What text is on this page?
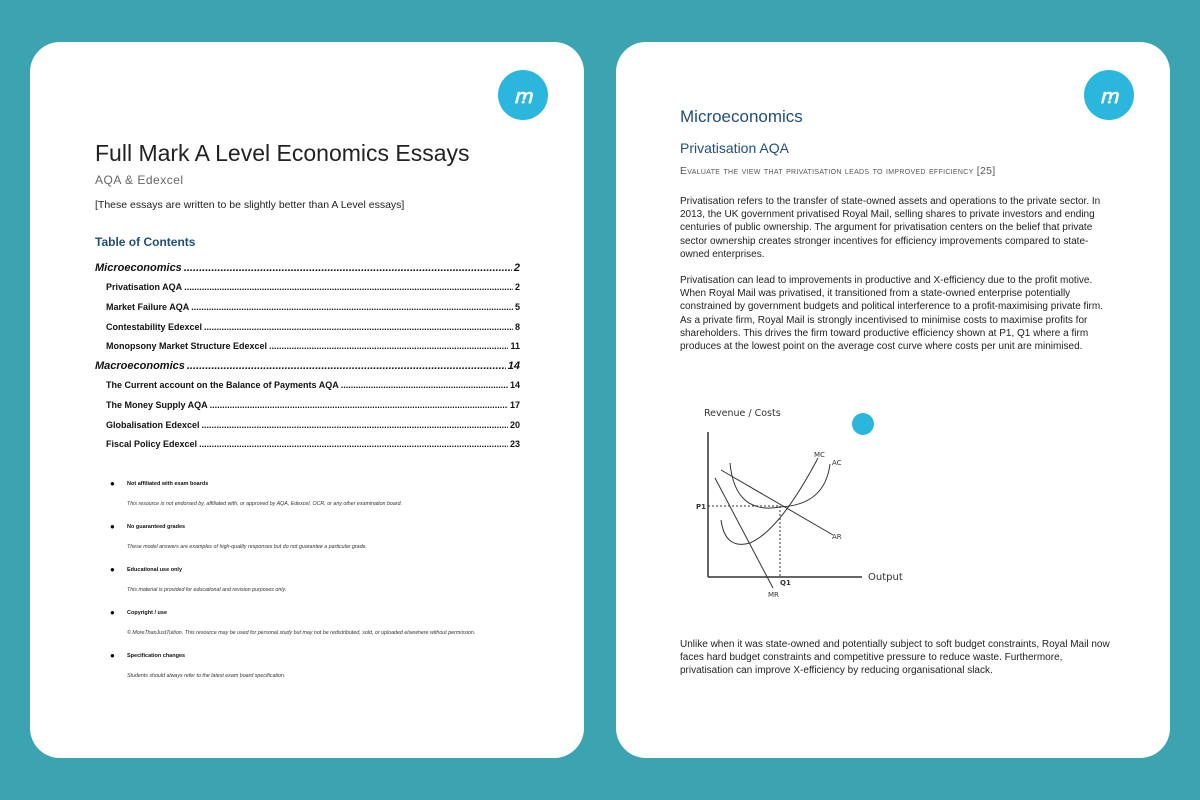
ꭑ
Full Mark A Level Economics Essays
AQA & Edexcel
[These essays are written to be slightly better than A Level essays]
Table of Contents
Microeconomics .....	2
Privatisation AQA .....	2
Market Failure AQA .....	5
Contestability Edexcel .....	8
Monopsony Market Structure Edexcel .....	11
Macroeconomics .....	14
The Current account on the Balance of Payments AQA .....	14
The Money Supply AQA .....	17
Globalisation Edexcel .....	20
Fiscal Policy Edexcel .....	23
● Not affiliated with exam boards
This resource is not endorsed by, affiliated with, or approved by AQA, Edexcel, OCR, or any other examination board.
● No guaranteed grades
These model answers are examples of high-quality responses but do not guarantee a particular grade.
● Educational use only
This material is provided for educational and revision purposes only.
● Copyright / use
© MoreThanJustTuition. This resource may be used for personal study but may not be redistributed, sold, or uploaded elsewhere without permission.
● Specification changes
Students should always refer to the latest exam board specification.
ꭑ
Microeconomics
Privatisation AQA
Evaluate the view that privatisation leads to improved efficiency [25]
Privatisation refers to the transfer of state-owned assets and operations to the private sector. In 2013, the UK government privatised Royal Mail, selling shares to private investors and ending centuries of public ownership. The argument for privatisation centers on the belief that private sector ownership creates stronger incentives for efficiency improvements compared to state-owned enterprises.
Privatisation can lead to improvements in productive and X-efficiency due to the profit motive. When Royal Mail was privatised, it transitioned from a state-owned enterprise potentially constrained by government budgets and political interference to a profit-maximising private firm. As a private firm, Royal Mail is strongly incentivised to minimise costs to maximise profits for shareholders. This drives the firm toward productive efficiency shown at P1, Q1 where a firm produces at the lowest point on the average cost curve where costs per unit are minimised.
Revenue / Costs
Output
MC
AC
AR
MR
P1
Q1
Unlike when it was state-owned and potentially subject to soft budget constraints, Royal Mail now faces hard budget constraints and competitive pressure to reduce waste. Furthermore, privatisation can improve X-efficiency by reducing organisational slack.
